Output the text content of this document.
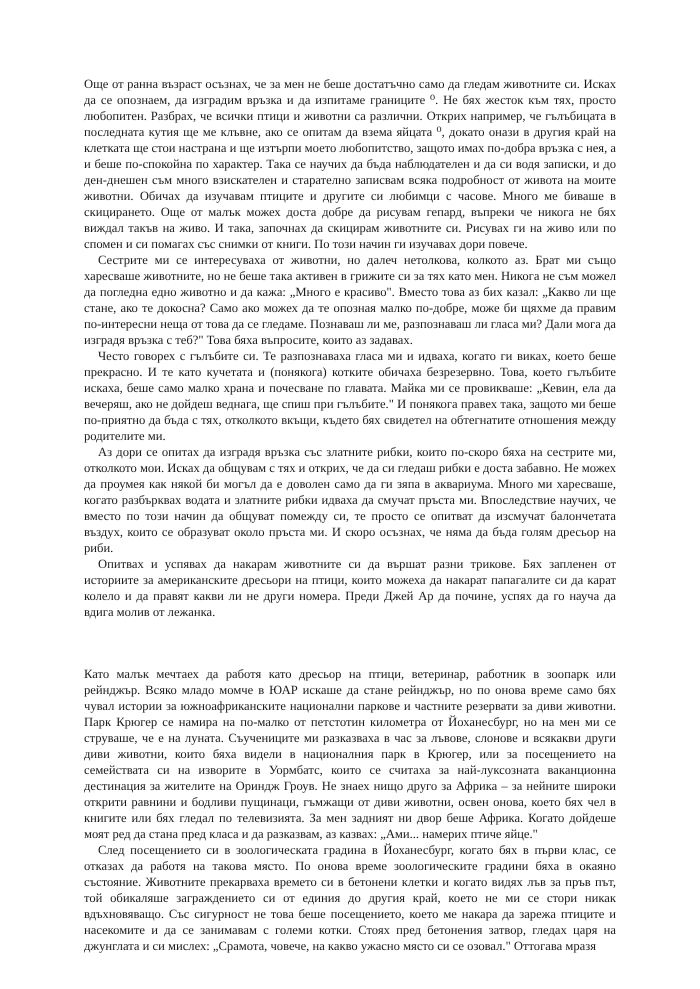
Още от ранна възраст осъзнах, че за мен не беше достатъчно само да гледам животните си. Исках да се опознаем, да изградим връзка и да изпитаме границите ⁰. Не бях жесток към тях, просто любопитен. Разбрах, че всички птици и животни са различни. Открих например, че гълъбицата в последната кутия ще ме клъвне, ако се опитам да взема яйцата ⁰, докато онази в другия край на клетката ще стои настрана и ще изтърпи моето любопитство, защото имах по-добра връзка с нея, а и беше по-спокойна по характер. Така се научих да бъда наблюдателен и да си водя записки, и до ден-днешен съм много взискателен и старателно записвам всяка подробност от живота на моите животни. Обичах да изучавам птиците и другите си любимци с часове. Много ме биваше в скицирането. Още от малък можех доста добре да рисувам гепард, въпреки че никога не бях виждал такъв на живо. И така, започнах да скицирам животните си. Рисувах ги на живо или по спомен и си помагах със снимки от книги. По този начин ги изучавах дори повече.

Сестрите ми се интересуваха от животни, но далеч нетолкова, колкото аз. Брат ми също харесваше животните, но не беше така активен в грижите си за тях като мен. Никога не съм можел да погледна едно животно и да кажа: „Много е красиво". Вместо това аз бих казал: „Какво ли ще стане, ако те докосна? Само ако можех да те опозная малко по-добре, може би щяхме да правим по-интересни неща от това да се гледаме. Познаваш ли ме, разпознаваш ли гласа ми? Дали мога да изградя връзка с теб?" Това бяха въпросите, които аз задавах.

Често говорех с гълъбите си. Те разпознаваха гласа ми и идваха, когато ги виках, което беше прекрасно. И те като кучетата и (понякога) котките обичаха безрезервно. Това, което гълъбите искаха, беше само малко храна и почесване по главата. Майка ми се провикваше: „Кевин, ела да вечеряш, ако не дойдеш веднага, ще спиш при гълъбите." И понякога правех така, защото ми беше по-приятно да бъда с тях, отколкото вкъщи, където бях свидетел на обтегнатите отношения между родителите ми.

Аз дори се опитах да изградя връзка със златните рибки, които по-скоро бяха на сестрите ми, отколкото мои. Исках да общувам с тях и открих, че да си гледаш рибки е доста забавно. Не можех да проумея как някой би могъл да е доволен само да ги зяпа в аквариума. Много ми харесваше, когато разбърквах водата и златните рибки идваха да смучат пръста ми. Впоследствие научих, че вместо по този начин да общуват помежду си, те просто се опитват да изсмучат балончетата въздух, които се образуват около пръста ми. И скоро осъзнах, че няма да бъда голям дресьор на риби.

Опитвах и успявах да накарам животните си да вършат разни трикове. Бях запленен от историите за американските дресьори на птици, които можеха да накарат папагалите си да карат колело и да правят какви ли не други номера. Преди Джей Ар да почине, успях да го науча да вдига молив от лежанка.

Като малък мечтаех да работя като дресьор на птици, ветеринар, работник в зоопарк или рейнджър. Всяко младо момче в ЮАР искаше да стане рейнджър, но по онова време само бях чувал истории за южноафриканските национални паркове и частните резервати за диви животни. Парк Крюгер се намира на по-малко от петстотин километра от Йоханесбург, но на мен ми се струваше, че е на луната. Съучениците ми разказваха в час за лъвове, слонове и всякакви други диви животни, които бяха видели в националния парк в Крюгер, или за посещението на семействата си на изворите в Уормбатс, които се считаха за най-луксозната ваканционна дестинация за жителите на Ориндж Гроув. Не знаех нищо друго за Африка – за нейните широки открити равнини и бодливи пущинаци, гъмжащи от диви животни, освен онова, което бях чел в книгите или бях гледал по телевизията. За мен задният ни двор беше Африка. Когато дойдеше моят ред да стана пред класа и да разказвам, аз казвах: „Ами... намерих птиче яйце."

След посещението си в зоологическата градина в Йоханесбург, когато бях в първи клас, се отказах да работя на такова място. По онова време зоологическите градини бяха в окаяно състояние. Животните прекарваха времето си в бетонени клетки и когато видях лъв за пръв път, той обикаляше заграждението си от единия до другия край, което не ми се стори никак вдъхновяващо. Със сигурност не това беше посещението, което ме накара да зарежа птиците и насекомите и да се занимавам с големи котки. Стоях пред бетонения затвор, гледах царя на джунглата и си мислех: „Срамота, човече, на какво ужасно място си се озовал." Оттогава мразя
